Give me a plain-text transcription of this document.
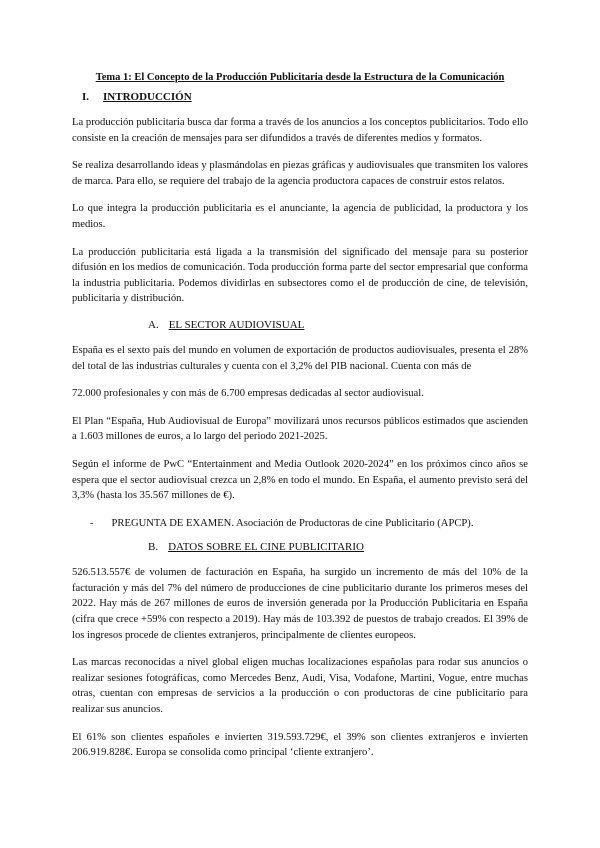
Tema 1: El Concepto de la Producción Publicitaria desde la Estructura de la Comunicación
I. INTRODUCCIÓN

La producción publicitaria busca dar forma a través de los anuncios a los conceptos publicitarios. Todo ello consiste en la creación de mensajes para ser difundidos a través de diferentes medios y formatos.

Se realiza desarrollando ideas y plasmándolas en piezas gráficas y audiovisuales que transmiten los valores de marca. Para ello, se requiere del trabajo de la agencia productora capaces de construir estos relatos.

Lo que integra la producción publicitaria es el anunciante, la agencia de publicidad, la productora y los medios.

La producción publicitaria está ligada a la transmisión del significado del mensaje para su posterior difusión en los medios de comunicación. Toda producción forma parte del sector empresarial que conforma la industria publicitaria. Podemos dividirlas en subsectores como el de producción de cine, de televisión, publicitaria y distribución.

A. EL SECTOR AUDIOVISUAL

España es el sexto país del mundo en volumen de exportación de productos audiovisuales, presenta el 28% del total de las industrias culturales y cuenta con el 3,2% del PIB nacional. Cuenta con más de

72.000 profesionales y con más de 6.700 empresas dedicadas al sector audiovisual.

El Plan “España, Hub Audiovisual de Europa” movilizará unos recursos públicos estimados que ascienden a 1.603 millones de euros, a lo largo del periodo 2021-2025.

Según el informe de PwC “Entertainment and Media Outlook 2020-2024” en los próximos cinco años se espera que el sector audiovisual crezca un 2,8% en todo el mundo. En España, el aumento previsto será del 3,3% (hasta los 35.567 millones de €).

- PREGUNTA DE EXAMEN. Asociación de Productoras de cine Publicitario (APCP).
B. DATOS SOBRE EL CINE PUBLICITARIO

526.513.557€ de volumen de facturación en España, ha surgido un incremento de más del 10% de la facturación y más del 7% del número de producciones de cine publicitario durante los primeros meses del 2022. Hay más de 267 millones de euros de inversión generada por la Producción Publicitaria en España (cifra que crece +59% con respecto a 2019). Hay más de 103.392 de puestos de trabajo creados. El 39% de los ingresos procede de clientes extranjeros, principalmente de clientes europeos.

Las marcas reconocidas a nivel global eligen muchas localizaciones españolas para rodar sus anuncios o realizar sesiones fotográficas, como Mercedes Benz, Audi, Visa, Vodafone, Martini, Vogue, entre muchas otras, cuentan con empresas de servicios a la producción o con productoras de cine publicitario para realizar sus anuncios.

El 61% son clientes españoles e invierten 319.593.729€, el 39% son clientes extranjeros e invierten 206.919.828€. Europa se consolida como principal ‘cliente extranjero’.
